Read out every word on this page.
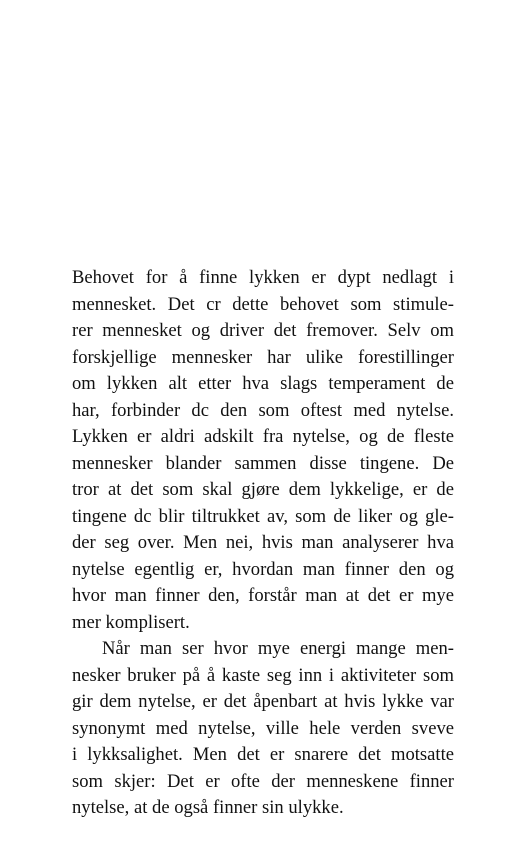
Behovet for å finne lykken er dypt nedlagt i
mennesket. Det cr dette behovet som stimule-
rer mennesket og driver det fremover. Selv om
forskjellige mennesker har ulike forestillinger
om lykken alt etter hva slags temperament de
har, forbinder dc den som oftest med nytelse.
Lykken er aldri adskilt fra nytelse, og de fleste
mennesker blander sammen disse tingene. De
tror at det som skal gjøre dem lykkelige, er de
tingene dc blir tiltrukket av, som de liker og gle-
der seg over. Men nei, hvis man analyserer hva
nytelse egentlig er, hvordan man finner den og
hvor man finner den, forstår man at det er mye
mer komplisert.
Når man ser hvor mye energi mange men-
nesker bruker på å kaste seg inn i aktiviteter som
gir dem nytelse, er det åpenbart at hvis lykke var
synonymt med nytelse, ville hele verden sveve
i lykksalighet. Men det er snarere det motsatte
som skjer: Det er ofte der menneskene finner
nytelse, at de også finner sin ulykke.
